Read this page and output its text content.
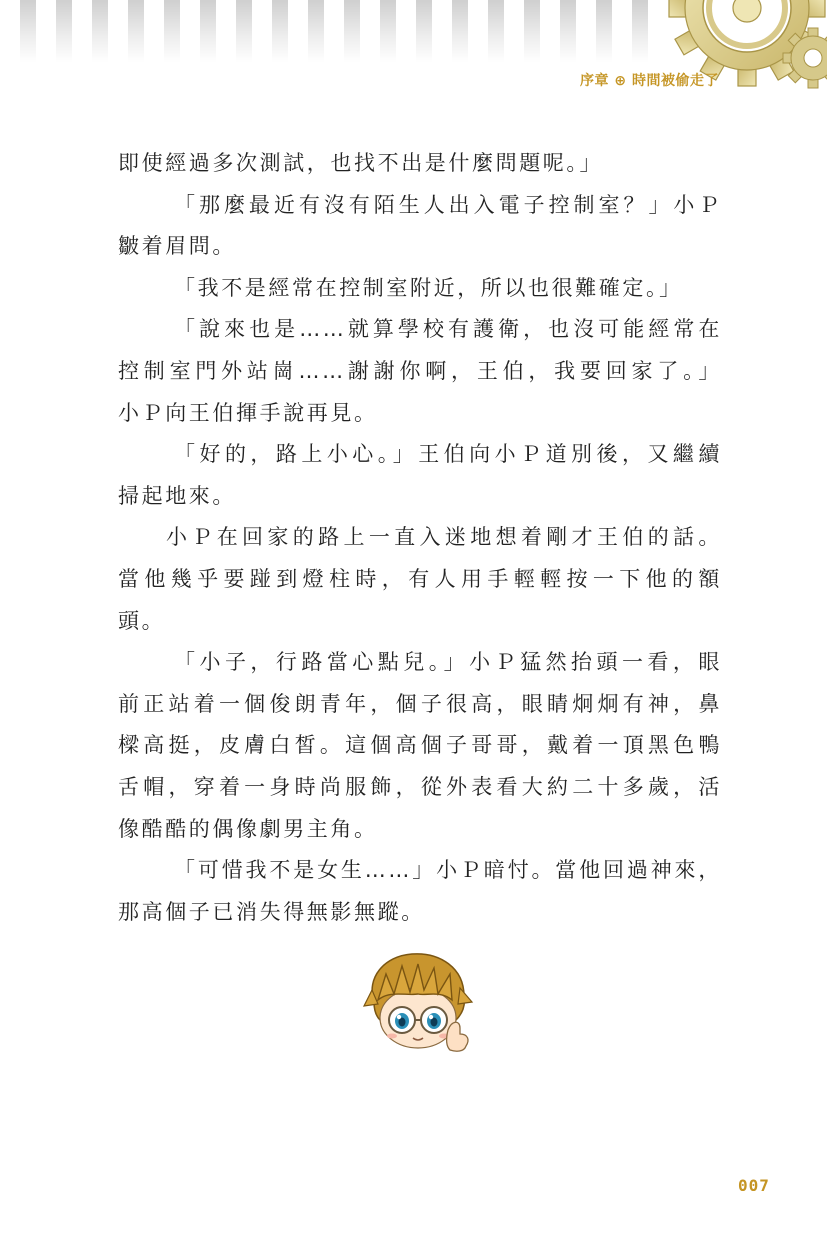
序章 ⊕ 時間被偷走了
即使經過多次測試，也找不出是什麼問題呢。」
「那麼最近有沒有陌生人出入電子控制室？」小Ｐ
皺着眉問。
「我不是經常在控制室附近，所以也很難確定。」
「說來也是……就算學校有護衛，也沒可能經常在
控制室門外站崗……謝謝你啊，王伯，我要回家了。」
小Ｐ向王伯揮手說再見。
「好的，路上小心。」王伯向小Ｐ道別後，又繼續
掃起地來。
小Ｐ在回家的路上一直入迷地想着剛才王伯的話。
當他幾乎要踫到燈柱時，有人用手輕輕按一下他的額
頭。
「小子，行路當心點兒。」小Ｐ猛然抬頭一看，眼
前正站着一個俊朗青年，個子很高，眼睛炯炯有神，鼻
樑高挺，皮膚白皙。這個高個子哥哥，戴着一頂黑色鴨
舌帽，穿着一身時尚服飾，從外表看大約二十多歲，活
像酷酷的偶像劇男主角。
「可惜我不是女生……」小Ｐ暗忖。當他回過神來，
那高個子已消失得無影無蹤。
007
